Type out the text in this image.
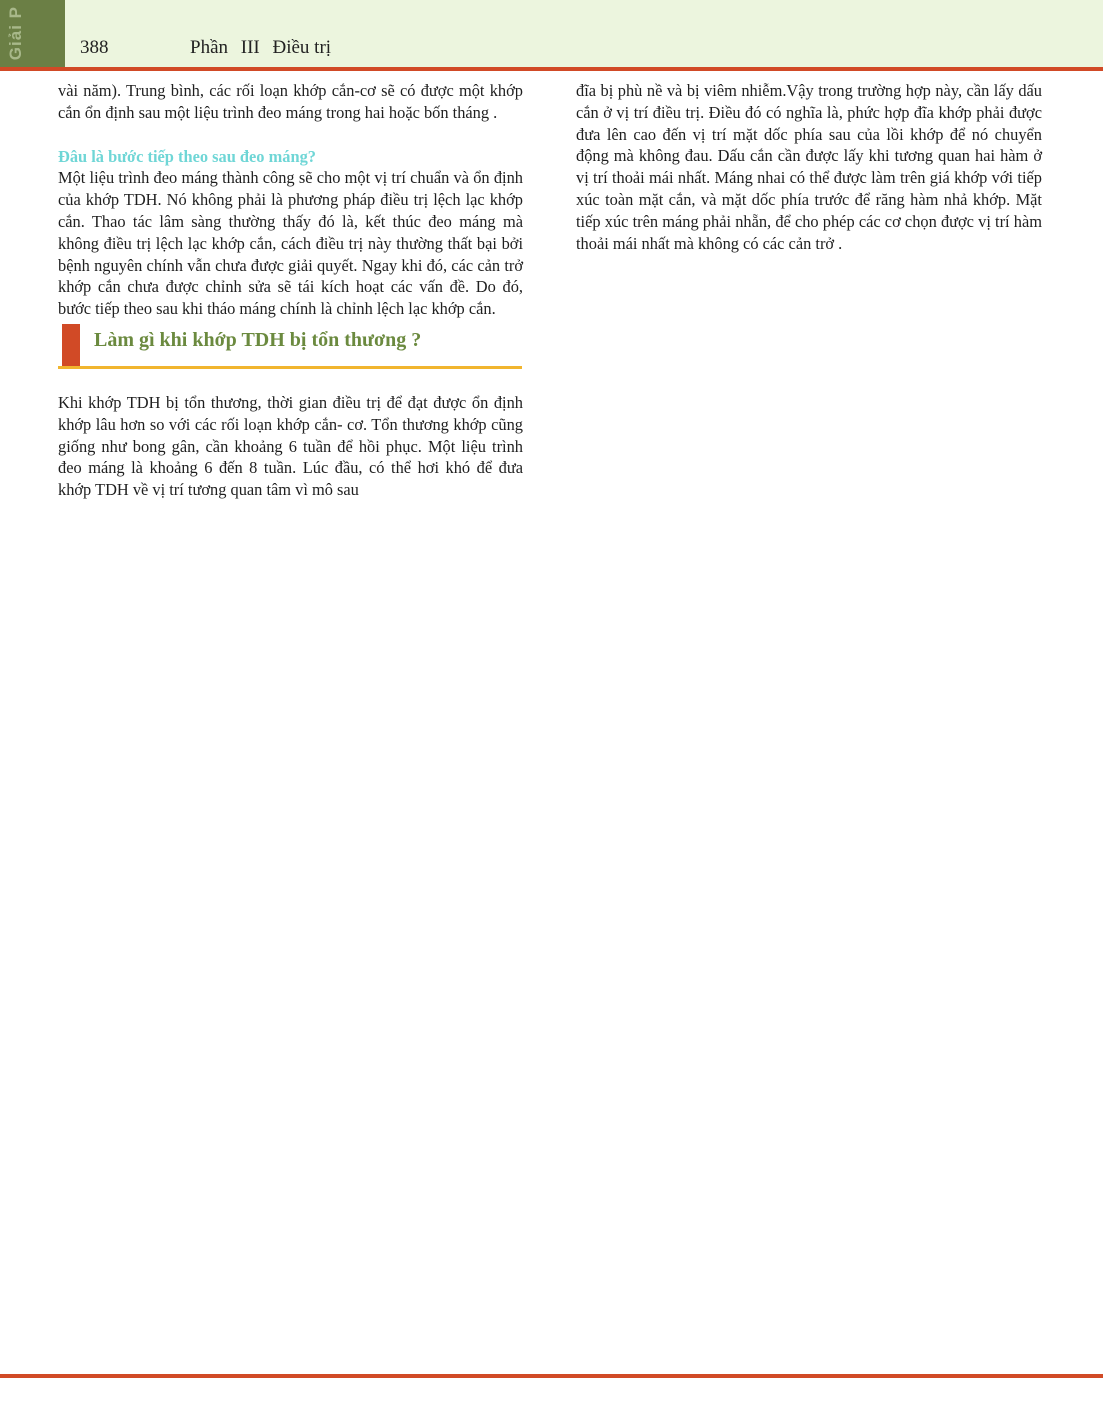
Giải P	388	Phần III Điều trị

vài năm). Trung bình, các rối loạn khớp cắn-cơ sẽ có được một khớp cắn ổn định sau một liệu trình đeo máng trong hai hoặc bốn tháng .

Đâu là bước tiếp theo sau đeo máng?

Một liệu trình đeo máng thành công sẽ cho một vị trí chuẩn và ổn định của khớp TDH. Nó không phải là phương pháp điều trị lệch lạc khớp cắn. Thao tác lâm sàng thường thấy đó là, kết thúc đeo máng mà không điều trị lệch lạc khớp cắn, cách điều trị này thường thất bại bởi bệnh nguyên chính vẫn chưa được giải quyết. Ngay khi đó, các cản trở khớp cắn chưa được chỉnh sửa sẽ tái kích hoạt các vấn đề. Do đó, bước tiếp theo sau khi tháo máng chính là chỉnh lệch lạc khớp cắn.

Làm gì khi khớp TDH bị tổn thương ?

Khi khớp TDH bị tổn thương, thời gian điều trị để đạt được ổn định khớp lâu hơn so với các rối loạn khớp cắn- cơ. Tổn thương khớp cũng giống như bong gân, cần khoảng 6 tuần để hồi phục. Một liệu trình đeo máng là khoảng 6 đến 8 tuần. Lúc đầu, có thể hơi khó để đưa khớp TDH về vị trí tương quan tâm vì mô sau

đĩa bị phù nề và bị viêm nhiễm.Vậy trong trường hợp này, cần lấy dấu cắn ở vị trí điều trị. Điều đó có nghĩa là, phức hợp đĩa khớp phải được đưa lên cao đến vị trí mặt dốc phía sau của lồi khớp để nó chuyển động mà không đau. Dấu cắn cần được lấy khi tương quan hai hàm ở vị trí thoải mái nhất. Máng nhai có thể được làm trên giá khớp với tiếp xúc toàn mặt cắn, và mặt dốc phía trước để răng hàm nhả khớp. Mặt tiếp xúc trên máng phải nhẵn, để cho phép các cơ chọn được vị trí hàm thoải mái nhất mà không có các cản trở .
